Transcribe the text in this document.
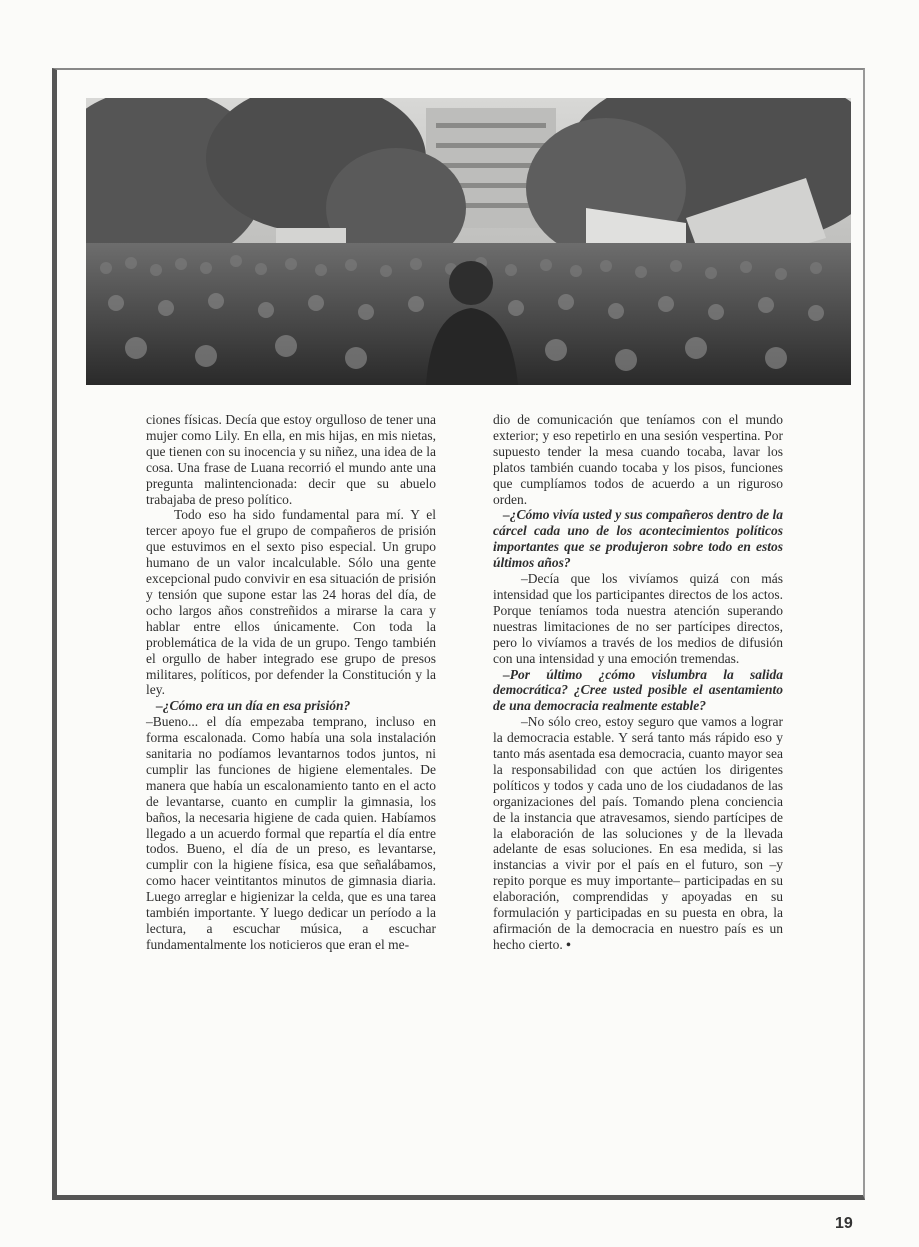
ciones físicas. Decía que estoy orgulloso de tener una mujer como Lily. En ella, en mis hijas, en mis nietas, que tienen con su inocencia y su niñez, una idea de la cosa. Una frase de Luana recorrió el mundo ante una pregunta malintencionada: decir que su abuelo trabajaba de preso político.

Todo eso ha sido fundamental para mí. Y el tercer apoyo fue el grupo de compañeros de prisión que estuvimos en el sexto piso especial. Un grupo humano de un valor incalculable. Sólo una gente excepcional pudo convivir en esa situación de prisión y tensión que supone estar las 24 horas del día, de ocho largos años constreñidos a mirarse la cara y hablar entre ellos únicamente. Con toda la problemática de la vida de un grupo. Tengo también el orgullo de haber integrado ese grupo de presos militares, políticos, por defender la Constitución y la ley.

–¿Cómo era un día en esa prisión?

–Bueno... el día empezaba temprano, incluso en forma escalonada. Como había una sola instalación sanitaria no podíamos levantarnos todos juntos, ni cumplir las funciones de higiene elementales. De manera que había un escalonamiento tanto en el acto de levantarse, cuanto en cumplir la gimnasia, los baños, la necesaria higiene de cada quien. Habíamos llegado a un acuerdo formal que repartía el día entre todos. Bueno, el día de un preso, es levantarse, cumplir con la higiene física, esa que señalábamos, como hacer veintitantos minutos de gimnasia diaria. Luego arreglar e higienizar la celda, que es una tarea también importante. Y luego dedicar un período a la lectura, a escuchar música, a escuchar fundamentalmente los noticieros que eran el me-

dio de comunicación que teníamos con el mundo exterior; y eso repetirlo en una sesión vespertina. Por supuesto tender la mesa cuando tocaba, lavar los platos también cuando tocaba y los pisos, funciones que cumplíamos todos de acuerdo a un riguroso orden.

–¿Cómo vivía usted y sus compañeros dentro de la cárcel cada uno de los acontecimientos políticos importantes que se produjeron sobre todo en estos últimos años?

–Decía que los vivíamos quizá con más intensidad que los participantes directos de los actos. Porque teníamos toda nuestra atención superando nuestras limitaciones de no ser partícipes directos, pero lo vivíamos a través de los medios de difusión con una intensidad y una emoción tremendas.

–Por último ¿cómo vislumbra la salida democrática? ¿Cree usted posible el asentamiento de una democracia realmente estable?

–No sólo creo, estoy seguro que vamos a lograr la democracia estable. Y será tanto más rápido eso y tanto más asentada esa democracia, cuanto mayor sea la responsabilidad con que actúen los dirigentes políticos y todos y cada uno de los ciudadanos de las organizaciones del país. Tomando plena conciencia de la instancia que atravesamos, siendo partícipes de la elaboración de las soluciones y de la llevada adelante de esas soluciones. En esa medida, si las instancias a vivir por el país en el futuro, son –y repito porque es muy importante– participadas en su elaboración, comprendidas y apoyadas en su formulación y participadas en su puesta en obra, la afirmación de la democracia en nuestro país es un hecho cierto. •

19
